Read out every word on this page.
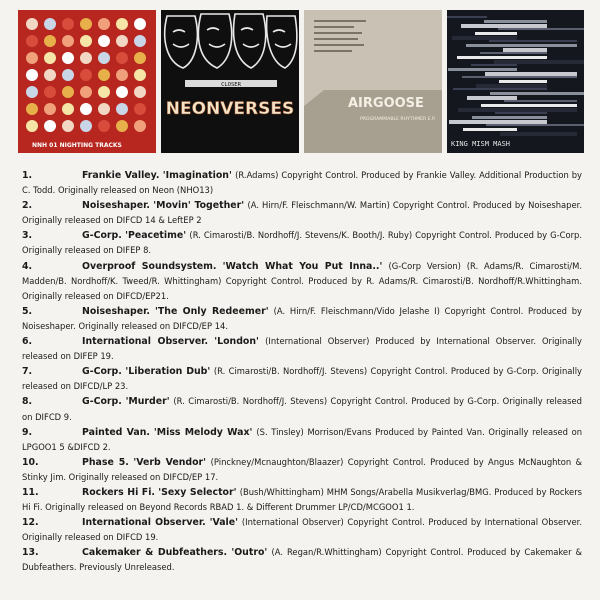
NNH 01 NIGHTING TRACKS
CLOSER
NEONVERSES	AIRGOOSE
PROGRAMMABLE RHYTHMER E.P.
KING MISM MASH

1.	Frankie Valley. 'Imagination' (R.Adams) Copyright Control. Produced by Frankie Valley. Additional Production by C. Todd. Originally released on Neon (NHO13)

2.	Noiseshaper. 'Movin' Together' (A. Hirn/F. Fleischmann/W. Martin) Copyright Control. Produced by Noiseshaper. Originally released on DIFCD 14 & LeftEP 2

3.	G-Corp. 'Peacetime' (R. Cimarosti/B. Nordhoff/J. Stevens/K. Booth/J. Ruby) Copyright Control. Produced by G-Corp. Originally released on DIFEP 8.

4.	Overproof Soundsystem. 'Watch What You Put Inna..' (G-Corp Version) (R. Adams/R. Cimarosti/M. Madden/B. Nordhoff/K. Tweed/R. Whittingham) Copyright Control. Produced by R. Adams/R. Cimarosti/B. Nordhoff/R.Whittingham. Originally released on DIFCD/EP21.

5.	Noiseshaper. 'The Only Redeemer' (A. Hirn/F. Fleischmann/Vido Jelashe I) Copyright Control. Produced by Noiseshaper. Originally released on DIFCD/EP 14.

6.	International Observer. 'London' (International Observer) Produced by International Observer. Originally released on DIFEP 19.

7.	G-Corp. 'Liberation Dub' (R. Cimarosti/B. Nordhoff/J. Stevens) Copyright Control. Produced by G-Corp. Originally released on DIFCD/LP 23.

8.	G-Corp. 'Murder' (R. Cimarosti/B. Nordhoff/J. Stevens) Copyright Control. Produced by G-Corp. Originally released on DIFCD 9.

9.	Painted Van. 'Miss Melody Wax' (S. Tinsley) Morrison/Evans Produced by Painted Van. Originally released on LPGOO1 5 &DIFCD 2.

10.	Phase 5. 'Verb Vendor' (Pinckney/Mcnaughton/Blaazer) Copyright Control. Produced by Angus McNaughton & Stinky Jim. Originally released on DIFCD/EP 17.

11.	Rockers Hi Fi. 'Sexy Selector' (Bush/Whittingham) MHM Songs/Arabella Musikverlag/BMG. Produced by Rockers Hi Fi. Originally released on Beyond Records RBAD 1. & Different Drummer LP/CD/MCGOO1 1.

12.	International Observer. 'Vale' (International Observer) Copyright Control. Produced by International Observer. Originally released on DIFCD 19.

13.	Cakemaker & Dubfeathers. 'Outro' (A. Regan/R.Whittingham) Copyright Control. Produced by Cakemaker & Dubfeathers. Previously Unreleased.
